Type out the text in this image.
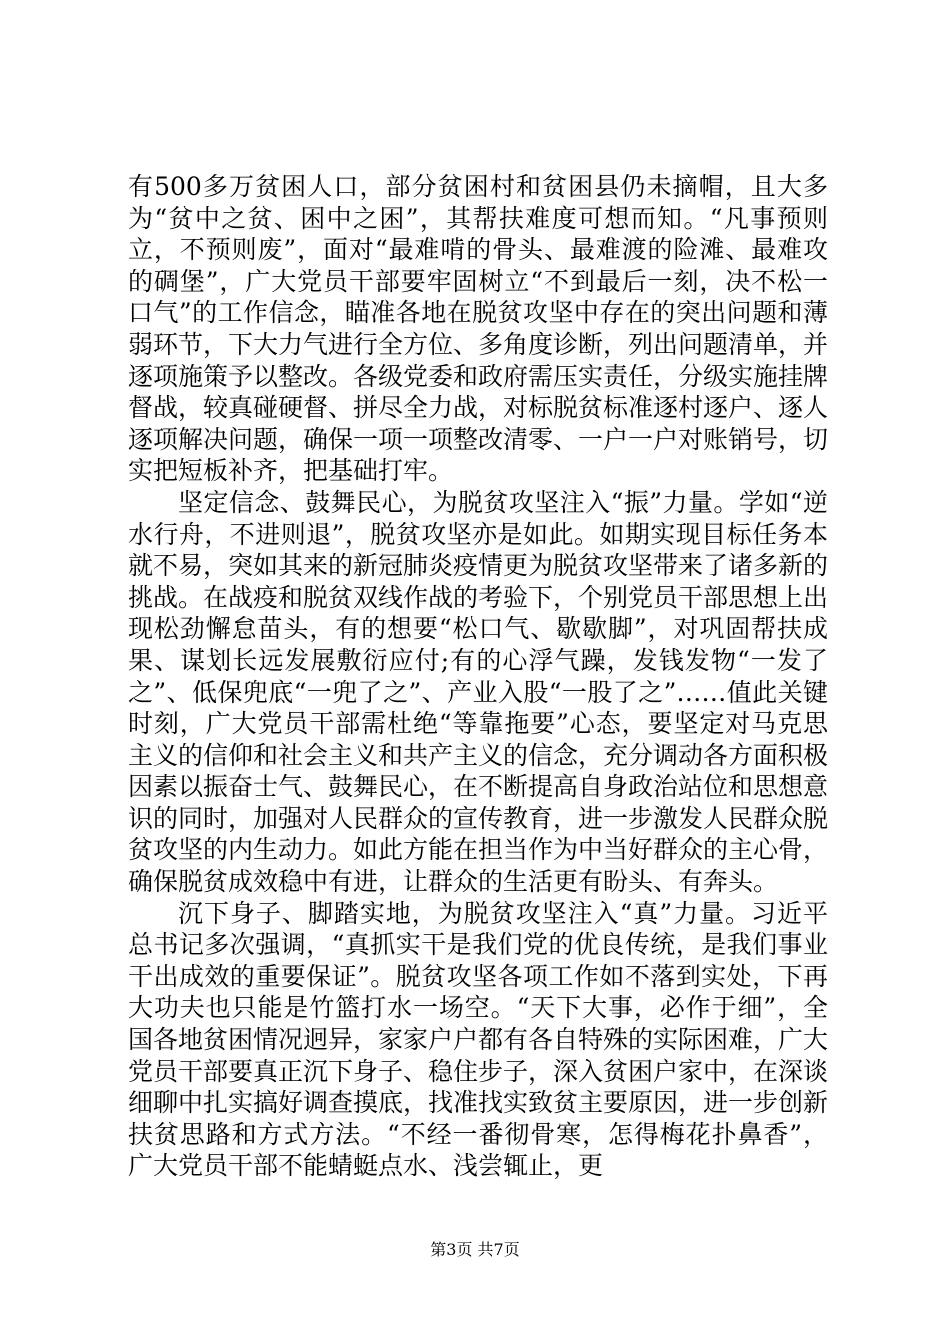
有500多万贫困人口，部分贫困村和贫困县仍未摘帽，且大多为“贫中之贫、困中之困”，其帮扶难度可想而知。“凡事预则立，不预则废”，面对“最难啃的骨头、最难渡的险滩、最难攻的碉堡”，广大党员干部要牢固树立“不到最后一刻，决不松一口气”的工作信念，瞄准各地在脱贫攻坚中存在的突出问题和薄弱环节，下大力气进行全方位、多角度诊断，列出问题清单，并逐项施策予以整改。各级党委和政府需压实责任，分级实施挂牌督战，较真碰硬督、拼尽全力战，对标脱贫标准逐村逐户、逐人逐项解决问题，确保一项一项整改清零、一户一户对账销号，切实把短板补齐，把基础打牢。

坚定信念、鼓舞民心，为脱贫攻坚注入“振”力量。学如“逆水行舟，不进则退”，脱贫攻坚亦是如此。如期实现目标任务本就不易，突如其来的新冠肺炎疫情更为脱贫攻坚带来了诸多新的挑战。在战疫和脱贫双线作战的考验下，个别党员干部思想上出现松劲懈怠苗头，有的想要“松口气、歇歇脚”，对巩固帮扶成果、谋划长远发展敷衍应付;有的心浮气躁，发钱发物“一发了之”、低保兜底“一兜了之”、产业入股“一股了之”……值此关键时刻，广大党员干部需杜绝“等靠拖要”心态，要坚定对马克思主义的信仰和社会主义和共产主义的信念，充分调动各方面积极因素以振奋士气、鼓舞民心，在不断提高自身政治站位和思想意识的同时，加强对人民群众的宣传教育，进一步激发人民群众脱贫攻坚的内生动力。如此方能在担当作为中当好群众的主心骨，确保脱贫成效稳中有进，让群众的生活更有盼头、有奔头。

沉下身子、脚踏实地，为脱贫攻坚注入“真”力量。习近平总书记多次强调，“真抓实干是我们党的优良传统，是我们事业干出成效的重要保证”。脱贫攻坚各项工作如不落到实处，下再大功夫也只能是竹篮打水一场空。“天下大事，必作于细”，全国各地贫困情况迥异，家家户户都有各自特殊的实际困难，广大党员干部要真正沉下身子、稳住步子，深入贫困户家中，在深谈细聊中扎实搞好调查摸底，找准找实致贫主要原因，进一步创新扶贫思路和方式方法。“不经一番彻骨寒，怎得梅花扑鼻香”，广大党员干部不能蜻蜓点水、浅尝辄止，更

第3页 共7页
